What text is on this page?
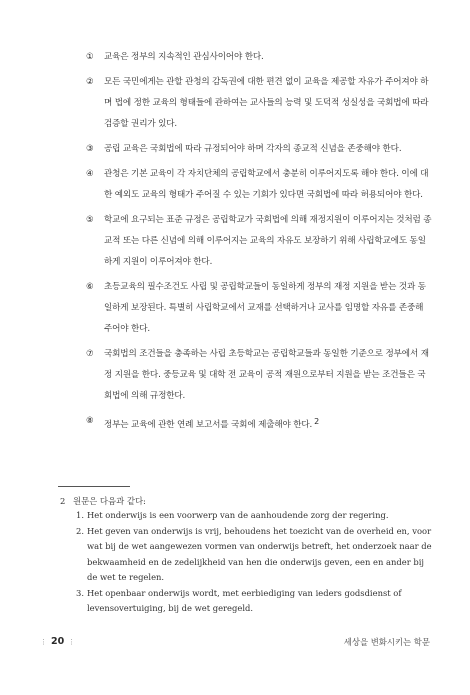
① 교육은 정부의 지속적인 관심사이어야 한다.
② 모든 국민에게는 관할 관청의 감독권에 대한 편견 없이 교육을 제공할 자유가 주어져야 하며 법에 정한 교육의 형태들에 관하여는 교사들의 능력 및 도덕적 성실성을 국회법에 따라 검증할 권리가 있다.
③ 공립 교육은 국회법에 따라 규정되어야 하며 각자의 종교적 신념을 존중해야 한다.
④ 관청은 기본 교육이 각 자치단체의 공립학교에서 충분히 이루어지도록 해야 한다. 이에 대한 예외도 교육의 형태가 주어질 수 있는 기회가 있다면 국회법에 따라 허용되어야 한다.
⑤ 학교에 요구되는 표준 규정은 공립학교가 국회법에 의해 재정지원이 이루어지는 것처럼 종교적 또는 다른 신념에 의해 이루어지는 교육의 자유도 보장하기 위해 사립학교에도 동일하게 지원이 이루어져야 한다.
⑥ 초등교육의 필수조건도 사립 및 공립학교들이 동일하게 정부의 재정 지원을 받는 것과 동일하게 보장된다. 특별히 사립학교에서 교재를 선택하거나 교사를 임명할 자유를 존중해 주어야 한다.
⑦ 국회법의 조건들을 충족하는 사립 초등학교는 공립학교들과 동일한 기준으로 정부에서 재정 지원을 한다. 중등교육 및 대학 전 교육이 공적 재원으로부터 지원을 받는 조건들은 국회법에 의해 규정한다.
⑧ 정부는 교육에 관한 연례 보고서를 국회에 제출해야 한다. 2
2 원문은 다음과 같다:
1. Het onderwijs is een voorwerp van de aanhoudende zorg der regering.
2. Het geven van onderwijs is vrij, behoudens het toezicht van de overheid en, voor wat bij de wet aangewezen vormen van onderwijs betreft, het onderzoek naar de bekwaamheid en de zedelijkheid van hen die onderwijs geven, een en ander bij de wet te regelen.
3. Het openbaar onderwijs wordt, met eerbiediging van ieders godsdienst of levensovertuiging, bij de wet geregeld.
⋮ 20 ⋮	세상을 변화시키는 학문
